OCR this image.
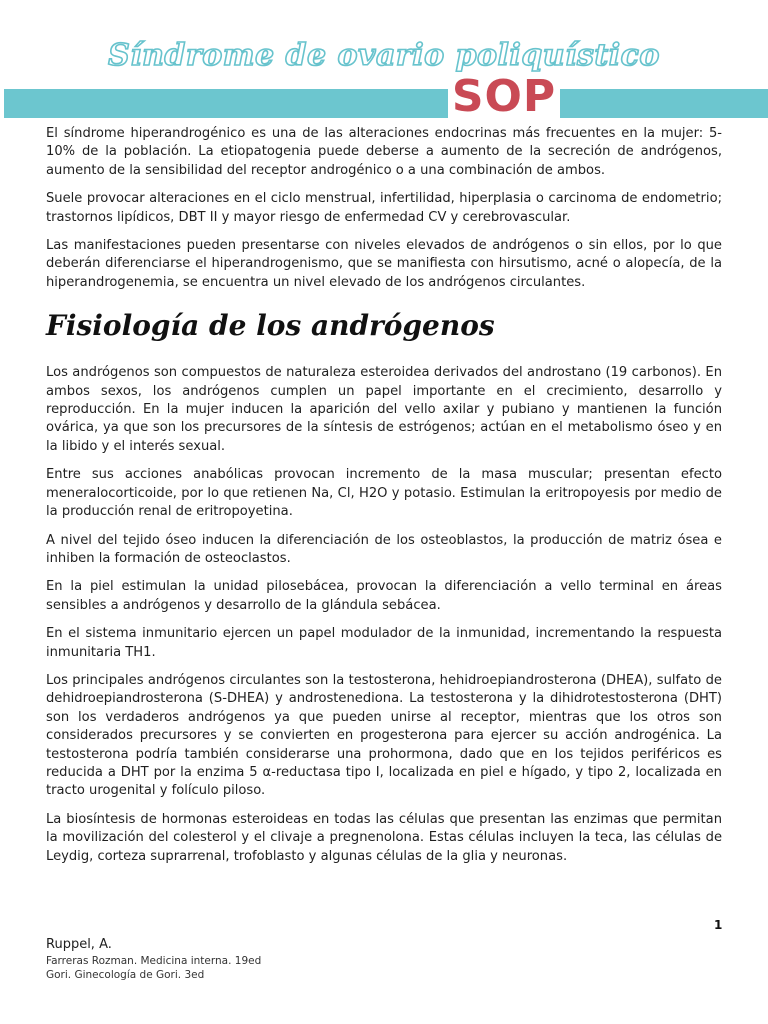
Síndrome de ovario poliquístico
SOP

El síndrome hiperandrogénico es una de las alteraciones endocrinas más frecuentes en la mujer: 5-10% de la población. La etiopatogenia puede deberse a aumento de la secreción de andrógenos, aumento de la sensibilidad del receptor androgénico o a una combinación de ambos.

Suele provocar alteraciones en el ciclo menstrual, infertilidad, hiperplasia o carcinoma de endometrio; trastornos lipídicos, DBT II y mayor riesgo de enfermedad CV y cerebrovascular.

Las manifestaciones pueden presentarse con niveles elevados de andrógenos o sin ellos, por lo que deberán diferenciarse el hiperandrogenismo, que se manifiesta con hirsutismo, acné o alopecía, de la hiperandrogenemia, se encuentra un nivel elevado de los andrógenos circulantes.

Fisiología de los andrógenos

Los andrógenos son compuestos de naturaleza esteroidea derivados del androstano (19 carbonos). En ambos sexos, los andrógenos cumplen un papel importante en el crecimiento, desarrollo y reproducción. En la mujer inducen la aparición del vello axilar y pubiano y mantienen la función ovárica, ya que son los precursores de la síntesis de estrógenos; actúan en el metabolismo óseo y en la libido y el interés sexual.

Entre sus acciones anabólicas provocan incremento de la masa muscular; presentan efecto meneralocorticoide, por lo que retienen Na, Cl, H2O y potasio. Estimulan la eritropoyesis por medio de la producción renal de eritropoyetina.

A nivel del tejido óseo inducen la diferenciación de los osteoblastos, la producción de matriz ósea e inhiben la formación de osteoclastos.

En la piel estimulan la unidad pilosebácea, provocan la diferenciación a vello terminal en áreas sensibles a andrógenos y desarrollo de la glándula sebácea.

En el sistema inmunitario ejercen un papel modulador de la inmunidad, incrementando la respuesta inmunitaria TH1.

Los principales andrógenos circulantes son la testosterona, hehidroepiandrosterona (DHEA), sulfato de dehidroepiandrosterona (S-DHEA) y androstenediona. La testosterona y la dihidrotestosterona (DHT) son los verdaderos andrógenos ya que pueden unirse al receptor, mientras que los otros son considerados precursores y se convierten en progesterona para ejercer su acción androgénica. La testosterona podría también considerarse una prohormona, dado que en los tejidos periféricos es reducida a DHT por la enzima 5 α-reductasa tipo I, localizada en piel e hígado, y tipo 2, localizada en tracto urogenital y folículo piloso.

La biosíntesis de hormonas esteroideas en todas las células que presentan las enzimas que permitan la movilización del colesterol y el clivaje a pregnenolona. Estas células incluyen la teca, las células de Leydig, corteza suprarrenal, trofoblasto y algunas células de la glia y neuronas.

1
Ruppel, A.
Farreras Rozman. Medicina interna. 19ed
Gori. Ginecología de Gori. 3ed
